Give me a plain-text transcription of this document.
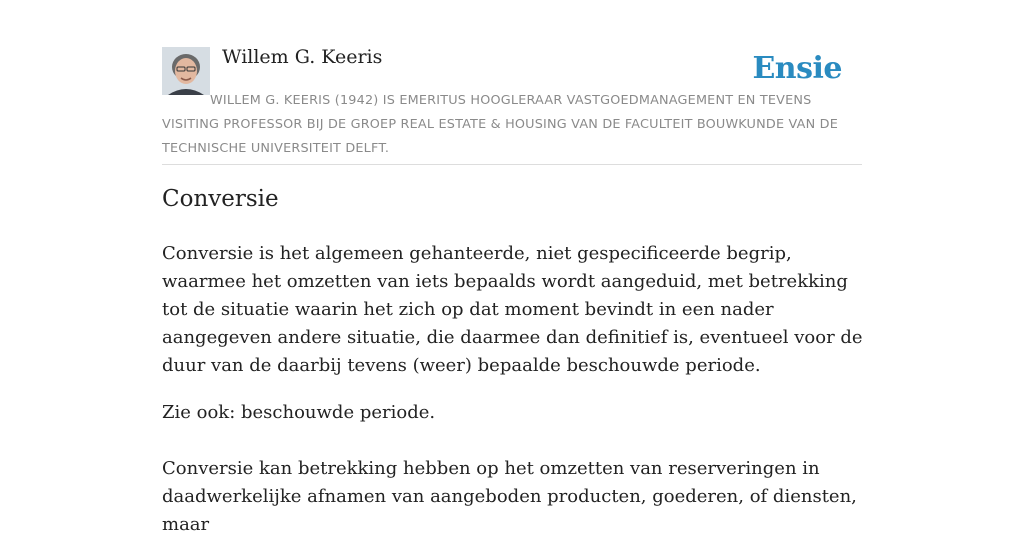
Willem G. Keeris	Ensie
WILLEM G. KEERIS (1942) IS EMERITUS HOOGLERAAR VASTGOEDMANAGEMENT EN TEVENS VISITING PROFESSOR BIJ DE GROEP REAL ESTATE & HOUSING VAN DE FACULTEIT BOUWKUNDE VAN DE TECHNISCHE UNIVERSITEIT DELFT.
Conversie

Conversie is het algemeen gehanteerde, niet gespecificeerde begrip, waarmee het omzetten van iets bepaalds wordt aangeduid, met betrekking tot de situatie waarin het zich op dat moment bevindt in een nader aangegeven andere situatie, die daarmee dan definitief is, eventueel voor de duur van de daarbij tevens (weer) bepaalde beschouwde periode.

Zie ook: beschouwde periode.

Conversie kan betrekking hebben op het omzetten van reserveringen in daadwerkelijke afnamen van aangeboden producten, goederen, of diensten, maar
